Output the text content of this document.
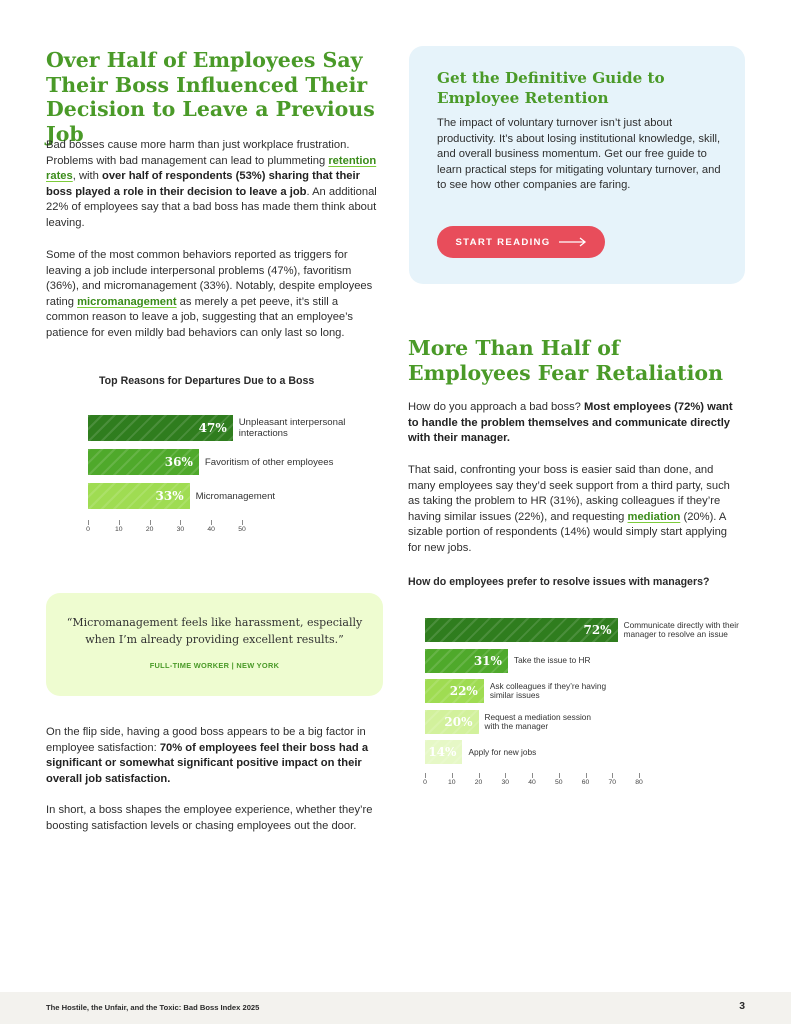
Over Half of Employees Say Their Boss Influenced Their Decision to Leave a Previous Job

Bad bosses cause more harm than just workplace frustration. Problems with bad management can lead to plummeting retention rates, with over half of respondents (53%) sharing that their boss played a role in their decision to leave a job. An additional 22% of employees say that a bad boss has made them think about leaving.

Some of the most common behaviors reported as triggers for leaving a job include interpersonal problems (47%), favoritism (36%), and micromanagement (33%). Notably, despite employees rating micromanagement as merely a pet peeve, it’s still a common reason to leave a job, suggesting that an employee’s patience for even mildly bad behaviors can only last so long.

Top Reasons for Departures Due to a Boss
47% Unpleasant interpersonal interactions
36% Favoritism of other employees
33% Micromanagement
0	10	20	30	40	50
“Micromanagement feels like harassment, especially when I’m already providing excellent results.”
FULL-TIME WORKER | NEW YORK

On the flip side, having a good boss appears to be a big factor in employee satisfaction: 70% of employees feel their boss had a significant or somewhat significant positive impact on their overall job satisfaction.

In short, a boss shapes the employee experience, whether they’re boosting satisfaction levels or chasing employees out the door.

Get the Definitive Guide to Employee Retention
The impact of voluntary turnover isn’t just about productivity. It’s about losing institutional knowledge, skill, and overall business momentum. Get our free guide to learn practical steps for mitigating voluntary turnover, and to see how other companies are faring.
START READING
More Than Half of Employees Fear Retaliation

How do you approach a bad boss? Most employees (72%) want to handle the problem themselves and communicate directly with their manager.

That said, confronting your boss is easier said than done, and many employees say they’d seek support from a third party, such as taking the problem to HR (31%), asking colleagues if they’re having similar issues (22%), and requesting mediation (20%). A sizable portion of respondents (14%) would simply start applying for new jobs.

How do employees prefer to resolve issues with managers?
72% Communicate directly with their manager to resolve an issue
31% Take the issue to HR
22% Ask colleagues if they’re having similar issues
20% Request a mediation session with the manager
14% Apply for new jobs
0	10	20	30	40	50	60	70	80
The Hostile, the Unfair, and the Toxic: Bad Boss Index 2025	3
